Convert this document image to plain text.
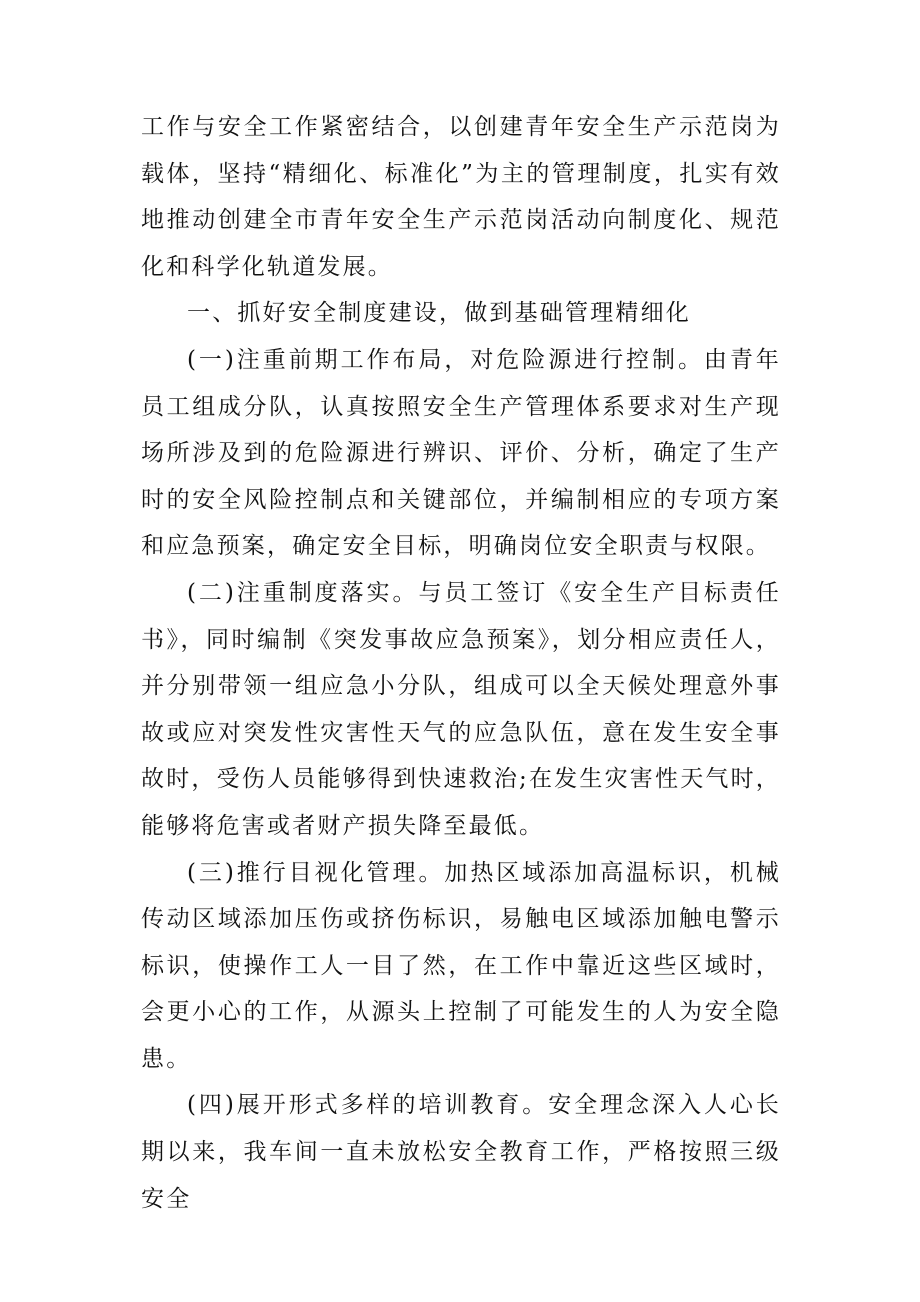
工作与安全工作紧密结合，以创建青年安全生产示范岗为载体，坚持“精细化、标准化”为主的管理制度，扎实有效地推动创建全市青年安全生产示范岗活动向制度化、规范化和科学化轨道发展。

一、抓好安全制度建设，做到基础管理精细化

(一)注重前期工作布局，对危险源进行控制。由青年员工组成分队，认真按照安全生产管理体系要求对生产现场所涉及到的危险源进行辨识、评价、分析，确定了生产时的安全风险控制点和关键部位，并编制相应的专项方案和应急预案，确定安全目标，明确岗位安全职责与权限。

(二)注重制度落实。与员工签订《安全生产目标责任书》，同时编制《突发事故应急预案》，划分相应责任人，并分别带领一组应急小分队，组成可以全天候处理意外事故或应对突发性灾害性天气的应急队伍，意在发生安全事故时，受伤人员能够得到快速救治;在发生灾害性天气时，能够将危害或者财产损失降至最低。

(三)推行目视化管理。加热区域添加高温标识，机械传动区域添加压伤或挤伤标识，易触电区域添加触电警示标识，使操作工人一目了然，在工作中靠近这些区域时，会更小心的工作，从源头上控制了可能发生的人为安全隐患。

(四)展开形式多样的培训教育。安全理念深入人心长期以来，我车间一直未放松安全教育工作，严格按照三级安全
